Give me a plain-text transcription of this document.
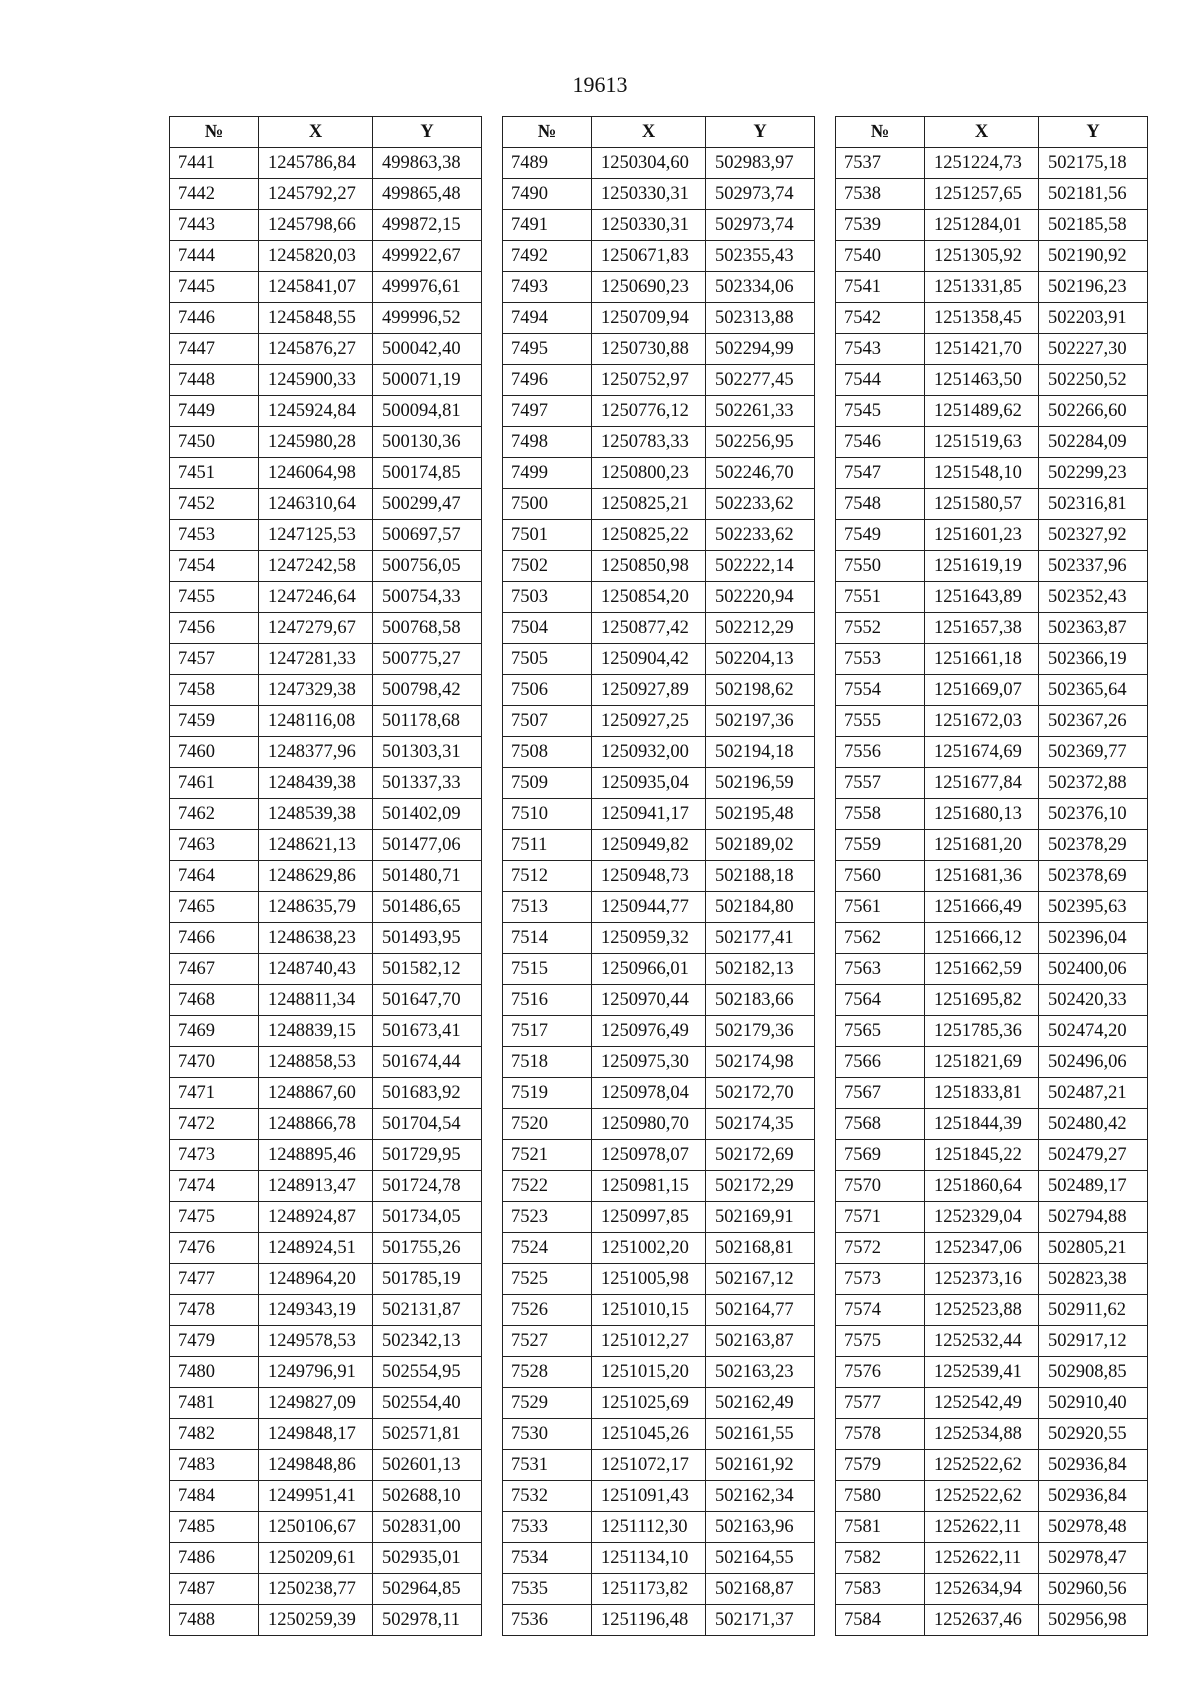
19613
№	X	Y
7441	1245786,84	499863,38
7442	1245792,27	499865,48
7443	1245798,66	499872,15
7444	1245820,03	499922,67
7445	1245841,07	499976,61
7446	1245848,55	499996,52
7447	1245876,27	500042,40
7448	1245900,33	500071,19
7449	1245924,84	500094,81
7450	1245980,28	500130,36
7451	1246064,98	500174,85
7452	1246310,64	500299,47
7453	1247125,53	500697,57
7454	1247242,58	500756,05
7455	1247246,64	500754,33
7456	1247279,67	500768,58
7457	1247281,33	500775,27
7458	1247329,38	500798,42
7459	1248116,08	501178,68
7460	1248377,96	501303,31
7461	1248439,38	501337,33
7462	1248539,38	501402,09
7463	1248621,13	501477,06
7464	1248629,86	501480,71
7465	1248635,79	501486,65
7466	1248638,23	501493,95
7467	1248740,43	501582,12
7468	1248811,34	501647,70
7469	1248839,15	501673,41
7470	1248858,53	501674,44
7471	1248867,60	501683,92
7472	1248866,78	501704,54
7473	1248895,46	501729,95
7474	1248913,47	501724,78
7475	1248924,87	501734,05
7476	1248924,51	501755,26
7477	1248964,20	501785,19
7478	1249343,19	502131,87
7479	1249578,53	502342,13
7480	1249796,91	502554,95
7481	1249827,09	502554,40
7482	1249848,17	502571,81
7483	1249848,86	502601,13
7484	1249951,41	502688,10
7485	1250106,67	502831,00
7486	1250209,61	502935,01
7487	1250238,77	502964,85
7488	1250259,39	502978,11
№	X	Y
7489	1250304,60	502983,97
7490	1250330,31	502973,74
7491	1250330,31	502973,74
7492	1250671,83	502355,43
7493	1250690,23	502334,06
7494	1250709,94	502313,88
7495	1250730,88	502294,99
7496	1250752,97	502277,45
7497	1250776,12	502261,33
7498	1250783,33	502256,95
7499	1250800,23	502246,70
7500	1250825,21	502233,62
7501	1250825,22	502233,62
7502	1250850,98	502222,14
7503	1250854,20	502220,94
7504	1250877,42	502212,29
7505	1250904,42	502204,13
7506	1250927,89	502198,62
7507	1250927,25	502197,36
7508	1250932,00	502194,18
7509	1250935,04	502196,59
7510	1250941,17	502195,48
7511	1250949,82	502189,02
7512	1250948,73	502188,18
7513	1250944,77	502184,80
7514	1250959,32	502177,41
7515	1250966,01	502182,13
7516	1250970,44	502183,66
7517	1250976,49	502179,36
7518	1250975,30	502174,98
7519	1250978,04	502172,70
7520	1250980,70	502174,35
7521	1250978,07	502172,69
7522	1250981,15	502172,29
7523	1250997,85	502169,91
7524	1251002,20	502168,81
7525	1251005,98	502167,12
7526	1251010,15	502164,77
7527	1251012,27	502163,87
7528	1251015,20	502163,23
7529	1251025,69	502162,49
7530	1251045,26	502161,55
7531	1251072,17	502161,92
7532	1251091,43	502162,34
7533	1251112,30	502163,96
7534	1251134,10	502164,55
7535	1251173,82	502168,87
7536	1251196,48	502171,37
№	X	Y
7537	1251224,73	502175,18
7538	1251257,65	502181,56
7539	1251284,01	502185,58
7540	1251305,92	502190,92
7541	1251331,85	502196,23
7542	1251358,45	502203,91
7543	1251421,70	502227,30
7544	1251463,50	502250,52
7545	1251489,62	502266,60
7546	1251519,63	502284,09
7547	1251548,10	502299,23
7548	1251580,57	502316,81
7549	1251601,23	502327,92
7550	1251619,19	502337,96
7551	1251643,89	502352,43
7552	1251657,38	502363,87
7553	1251661,18	502366,19
7554	1251669,07	502365,64
7555	1251672,03	502367,26
7556	1251674,69	502369,77
7557	1251677,84	502372,88
7558	1251680,13	502376,10
7559	1251681,20	502378,29
7560	1251681,36	502378,69
7561	1251666,49	502395,63
7562	1251666,12	502396,04
7563	1251662,59	502400,06
7564	1251695,82	502420,33
7565	1251785,36	502474,20
7566	1251821,69	502496,06
7567	1251833,81	502487,21
7568	1251844,39	502480,42
7569	1251845,22	502479,27
7570	1251860,64	502489,17
7571	1252329,04	502794,88
7572	1252347,06	502805,21
7573	1252373,16	502823,38
7574	1252523,88	502911,62
7575	1252532,44	502917,12
7576	1252539,41	502908,85
7577	1252542,49	502910,40
7578	1252534,88	502920,55
7579	1252522,62	502936,84
7580	1252522,62	502936,84
7581	1252622,11	502978,48
7582	1252622,11	502978,47
7583	1252634,94	502960,56
7584	1252637,46	502956,98
